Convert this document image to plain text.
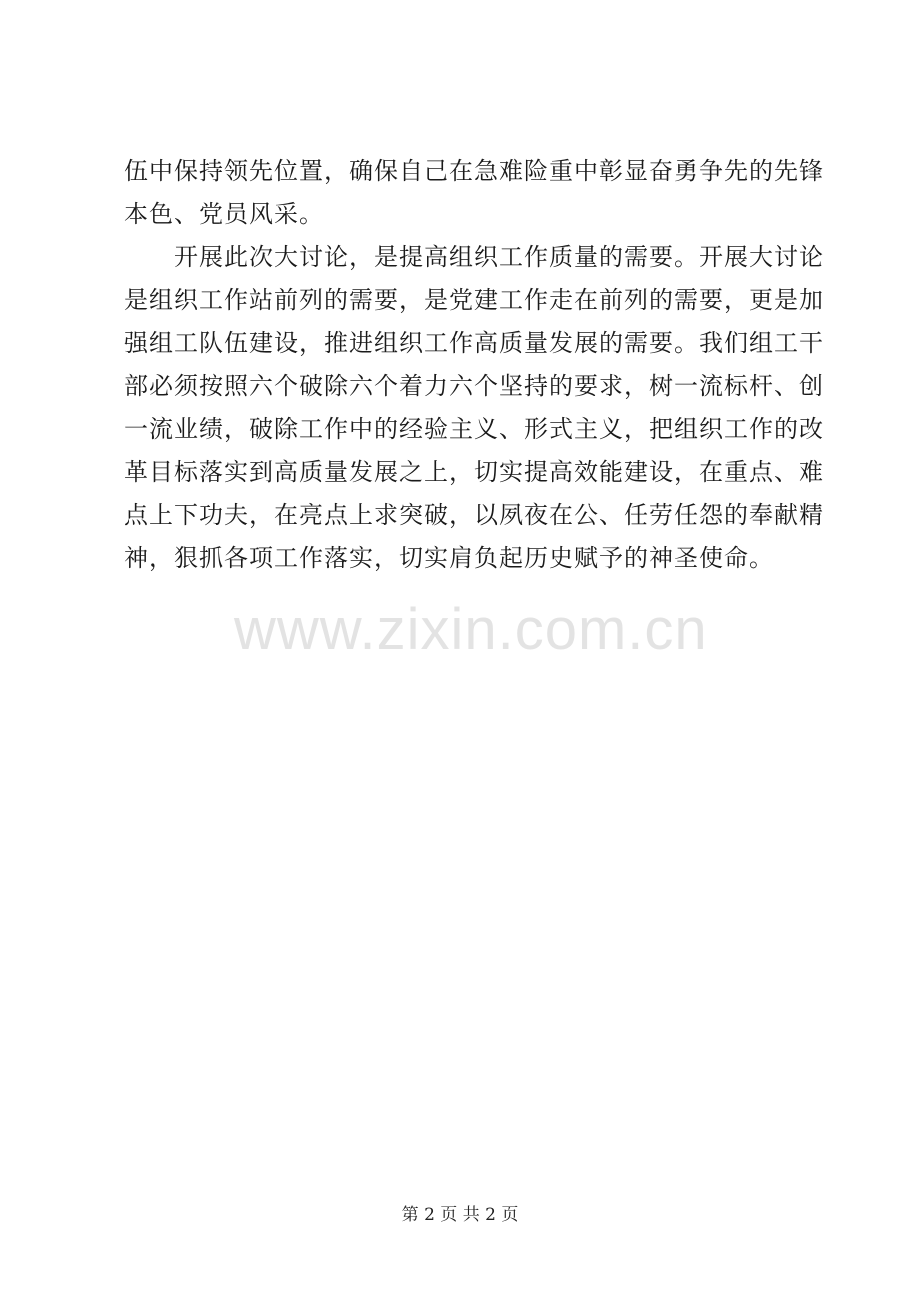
伍中保持领先位置，确保自己在急难险重中彰显奋勇争先的先锋
本色、党员风采。
开展此次大讨论，是提高组织工作质量的需要。开展大讨论
是组织工作站前列的需要，是党建工作走在前列的需要，更是加
强组工队伍建设，推进组织工作高质量发展的需要。我们组工干
部必须按照六个破除六个着力六个坚持的要求，树一流标杆、创
一流业绩，破除工作中的经验主义、形式主义，把组织工作的改
革目标落实到高质量发展之上，切实提高效能建设，在重点、难
点上下功夫，在亮点上求突破，以夙夜在公、任劳任怨的奉献精
神，狠抓各项工作落实，切实肩负起历史赋予的神圣使命。
www.zixin.com.cn
第 2 页 共 2 页
